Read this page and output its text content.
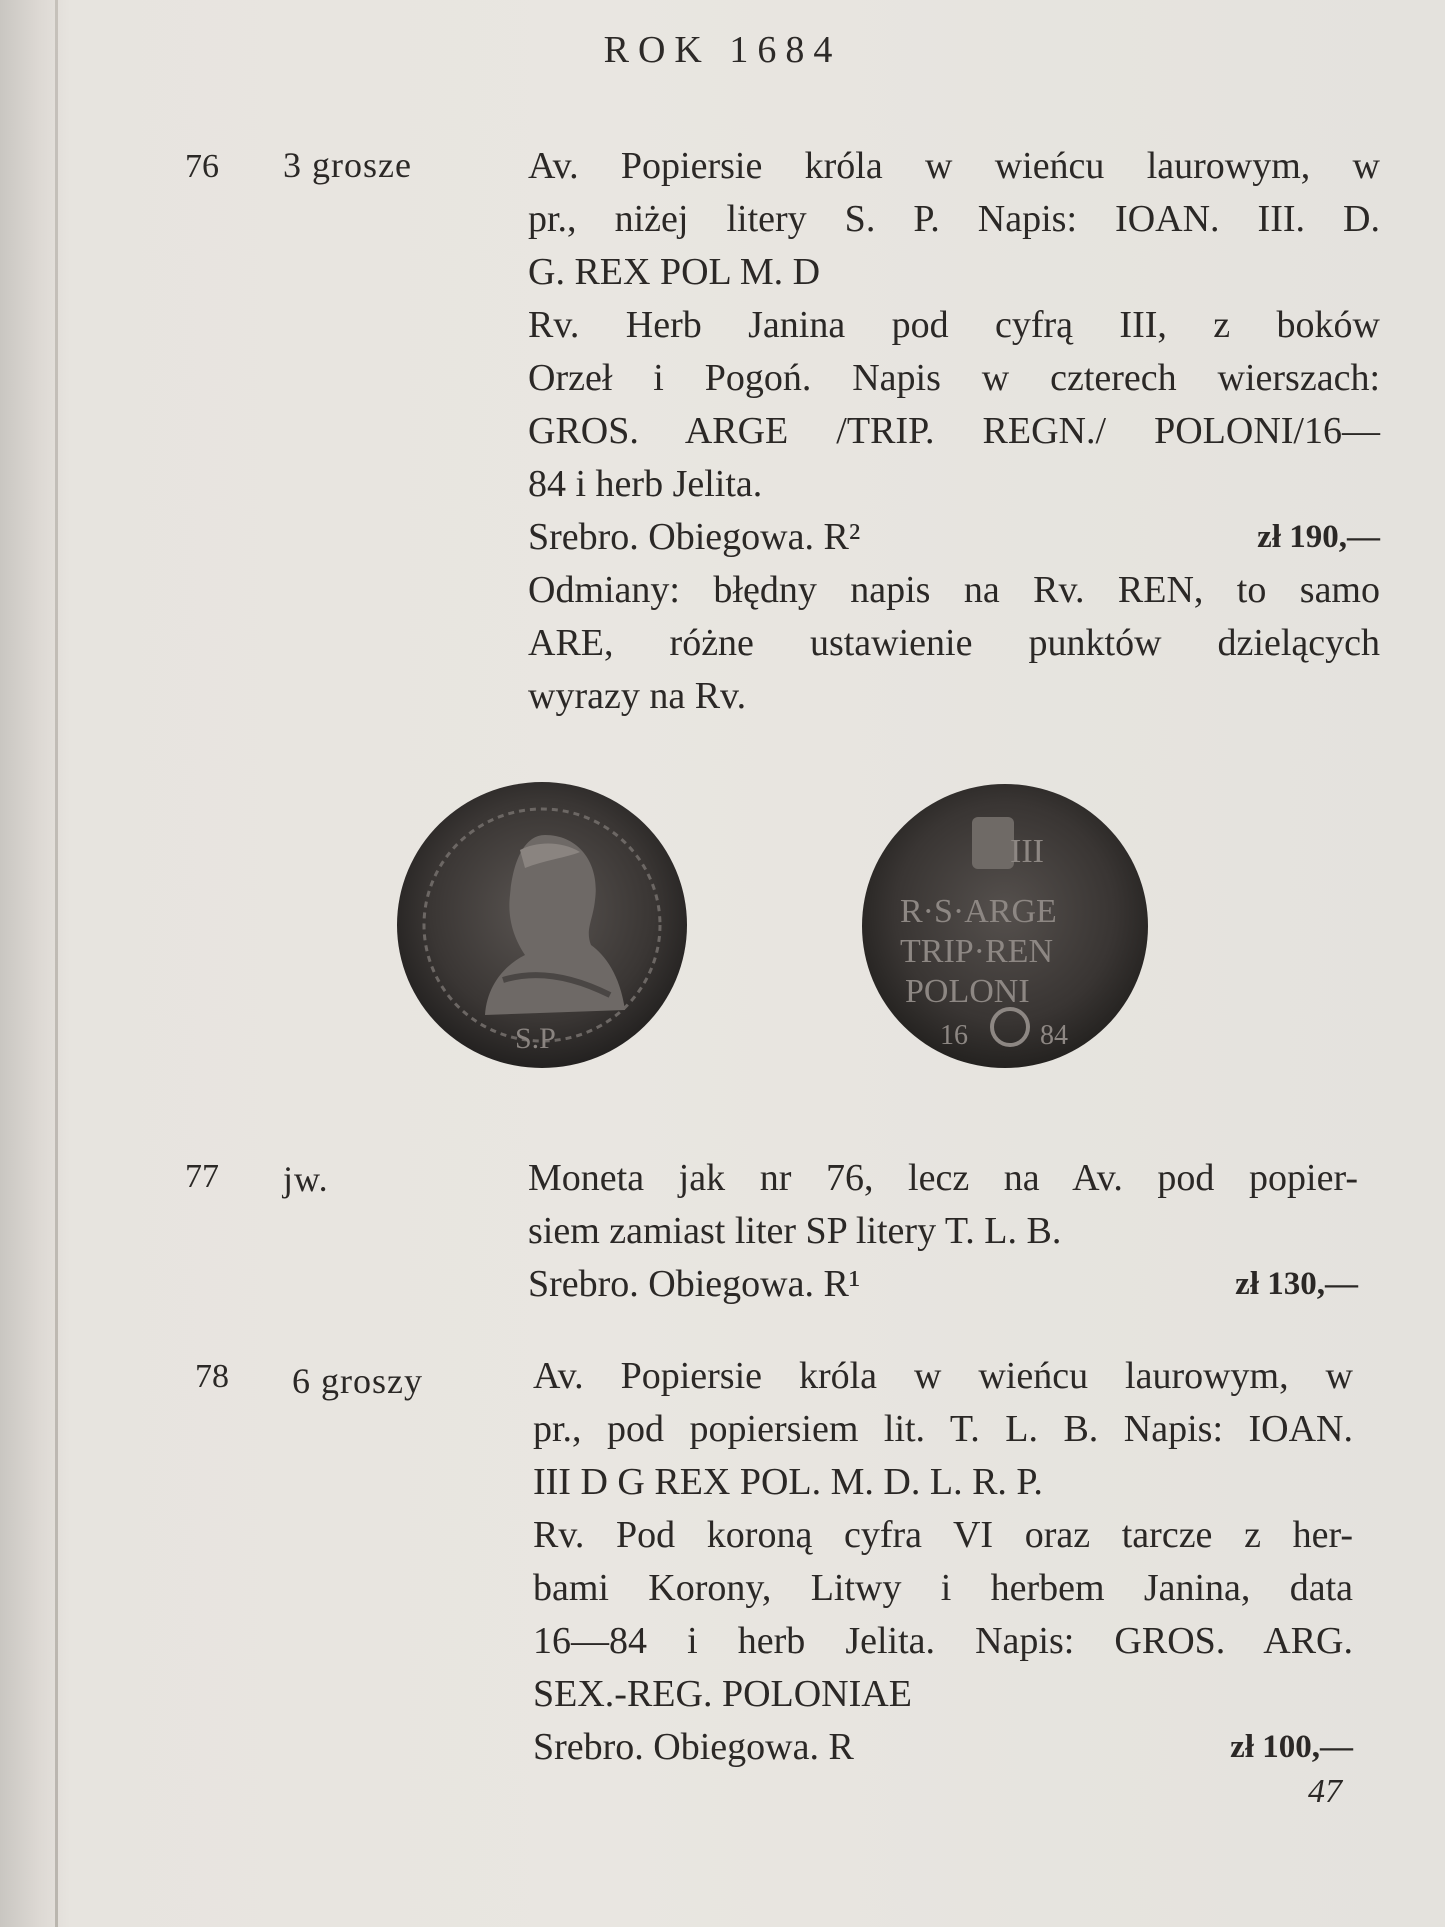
ROK 1684
76 3 grosze	Av. Popiersie króla w wieńcu laurowym, w
pr., niżej litery S. P. Napis: IOAN. III. D.
G. REX POL M. D
Rv. Herb Janina pod cyfrą III, z boków
Orzeł i Pogoń. Napis w czterech wierszach:
GROS. ARGE /TRIP. REGN./ POLONI/16—
84 i herb Jelita.
Srebro. Obiegowa. R²	zł 190,—
Odmiany: błędny napis na Rv. REN, to samo
ARE, różne ustawienie punktów dzielących
wyrazy na Rv.
S.P
III
R·S·ARGE
TRIP·REN
POLONI
16	84
77 jw.	Moneta jak nr 76, lecz na Av. pod popier-
siem zamiast liter SP litery T. L. B.
Srebro. Obiegowa. R¹	zł 130,—
78 6 groszy	Av. Popiersie króla w wieńcu laurowym, w
pr., pod popiersiem lit. T. L. B. Napis: IOAN.
III D G REX POL. M. D. L. R. P.
Rv. Pod koroną cyfra VI oraz tarcze z her-
bami Korony, Litwy i herbem Janina, data
16—84 i herb Jelita. Napis: GROS. ARG.
SEX.-REG. POLONIAE
Srebro. Obiegowa. R	zł 100,—
47
